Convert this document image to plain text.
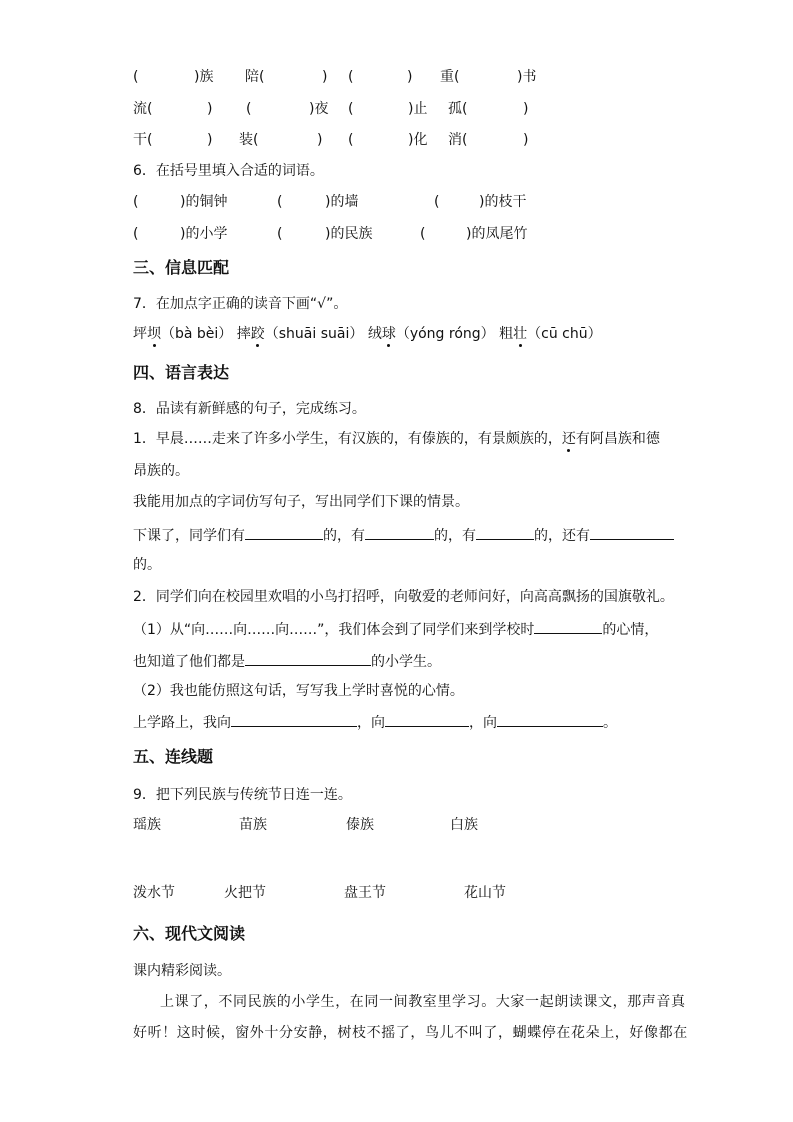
(	)族 陪(	) (	) 重(	)书
流(	) (	)夜 (	)止 孤(	)
干(	) 装(	) (	)化 消(	)
6．在括号里填入合适的词语。
(	)的铜钟	(	)的墙	(	)的枝干
(	)的小学	(	)的民族	(	)的凤尾竹
三、信息匹配
7．在加点字正确的读音下画“√”。
坪坝（bà bèi） 摔跤（shuāi suāi） 绒球（yóng róng） 粗壮（cū chū）
四、语言表达
8．品读有新鲜感的句子，完成练习。
1．早晨……走来了许多小学生，有汉族的，有傣族的，有景颇族的，还有阿昌族和德
昂族的。
我能用加点的字词仿写句子，写出同学们下课的情景。
下课了，同学们有	的，有	的，有	的，还有
的。
2．同学们向在校园里欢唱的小鸟打招呼，向敬爱的老师问好，向高高飘扬的国旗敬礼。
（1）从“向……向……向……”，我们体会到了同学们来到学校时	的心情，
也知道了他们都是	的小学生。
（2）我也能仿照这句话，写写我上学时喜悦的心情。
上学路上，我向	，向	，向	。
五、连线题
9．把下列民族与传统节日连一连。
瑶族	苗族	傣族	白族
泼水节	火把节	盘王节	花山节
六、现代文阅读
课内精彩阅读。
上课了，不同民族的小学生，在同一间教室里学习。大家一起朗读课文，那声音真
好听！这时候，窗外十分安静，树枝不摇了，鸟儿不叫了，蝴蝶停在花朵上，好像都在
